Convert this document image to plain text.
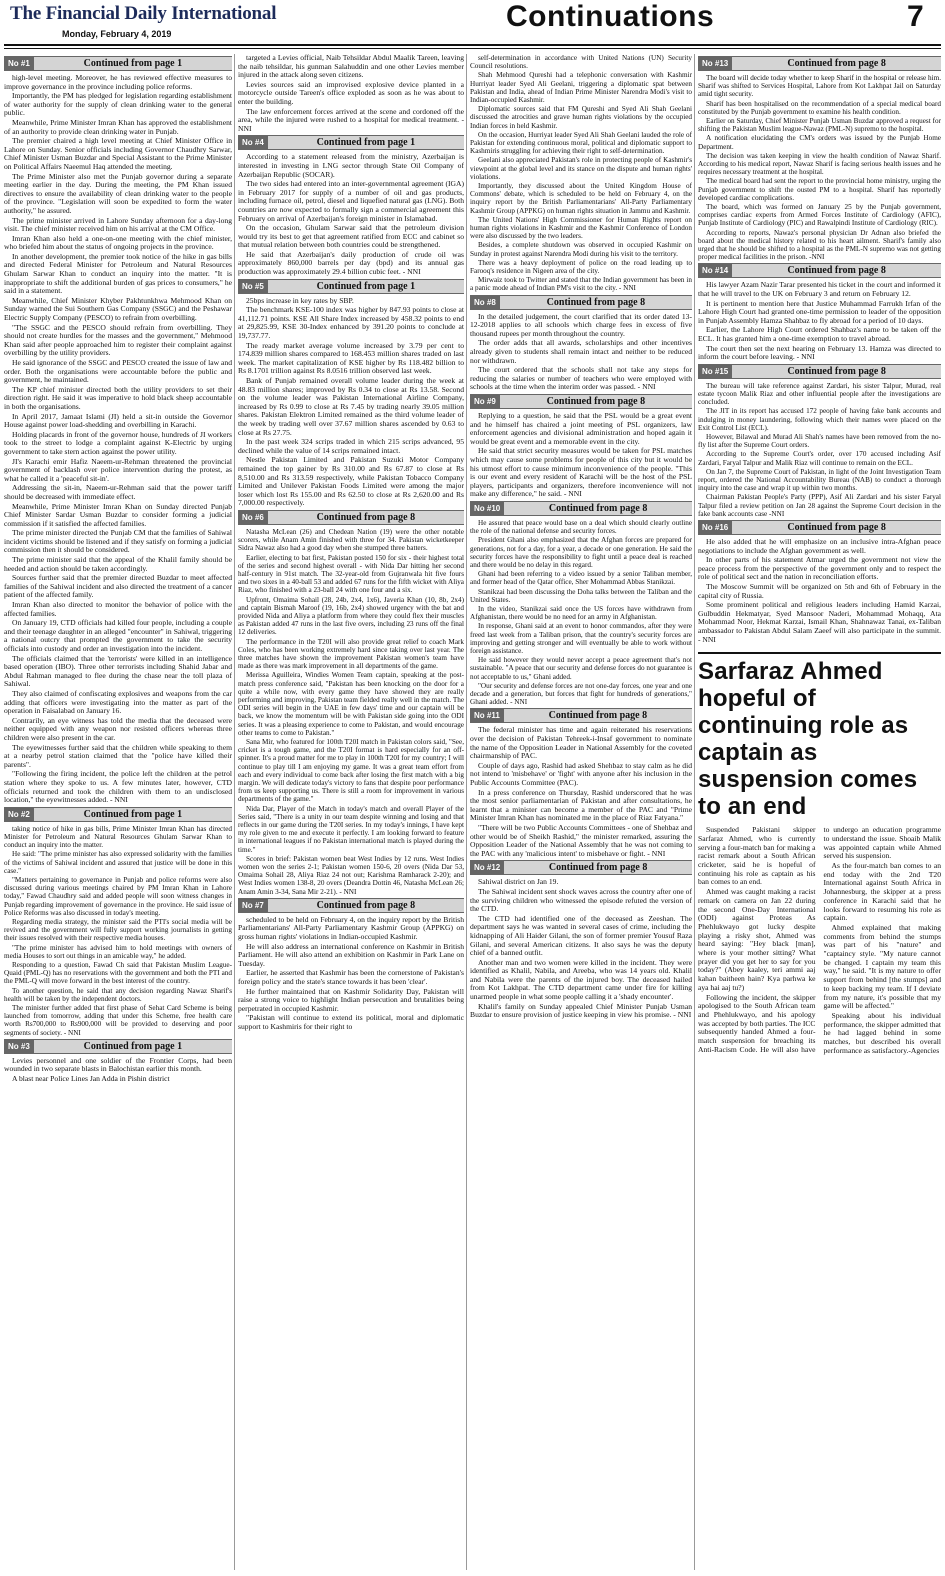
The Financial Daily International
Monday, February 4, 2019
Continuations	7
No #1	Continued from page 1

high-level meeting. Moreover, he has reviewed effective measures to improve governance in the province including police reforms.

Importantly, the PM has pledged for legislation regarding establishment of water authority for the supply of clean drinking water to the general public.

Meanwhile, Prime Minister Imran Khan has approved the establishment of an authority to provide clean drinking water in Punjab.

The premier chaired a high level meeting at Chief Minister Office in Lahore on Sunday. Senior officials including Governor Chaudhry Sarwar, Chief Minister Usman Buzdar and Special Assistant to the Prime Minister on Political Affairs Naeemul Haq attended the meeting.

The Prime Minister also met the Punjab governor during a separate meeting earlier in the day. During the meeting, the PM Khan issued directives to ensure the availability of clean drinking water to the people of the province. "Legislation will soon be expedited to form the water authority," he assured.

The prime minister arrived in Lahore Sunday afternoon for a day-long visit. The chief minister received him on his arrival at the CM Office.

Imran Khan also held a one-on-one meeting with the chief minister, who briefed him about the status of ongoing projects in the province.

In another development, the premier took notice of the hike in gas bills and directed Federal Minister for Petroleum and Natural Resources Ghulam Sarwar Khan to conduct an inquiry into the matter. "It is inappropriate to shift the additional burden of gas prices to consumers," he said in a statement.

Meanwhile, Chief Minister Khyber Pakhtunkhwa Mehmood Khan on Sunday warned the Sui Southern Gas Company (SSGC) and the Peshawar Electric Supply Company (PESCO) to refrain from overbilling.

"The SSGC and the PESCO should refrain from overbilling. They should not create hurdles for the masses and the government," Mehmood Khan said after people approached him to register their complaint against overbilling by the utility providers.

He said ignorance of the SSGC and PESCO created the issue of law and order. Both the organisations were accountable before the public and government, he maintained.

The KP chief minister directed both the utility providers to set their direction right. He said it was imperative to hold black sheep accountable in both the organisations.

In April 2017, Jamaat Islami (JI) held a sit-in outside the Governor House against power load-shedding and overbilling in Karachi.

Holding placards in front of the governor house, hundreds of JI workers took to the street to lodge a complaint against K-Electric by urging government to take stern action against the power utility.

JI's Karachi emir Hafiz Naeem-ur-Rehman threatened the provincial government of backlash over police intervention during the protest, as what he called it a 'peaceful sit-in'.

Addressing the sit-in, Naeem-ur-Rehman said that the power tariff should be decreased with immediate effect.

Meanwhile, Prime Minister Imran Khan on Sunday directed Punjab Chief Minister Sardar Usman Buzdar to consider forming a judicial commission if it satisfied the affected families.

The prime minister directed the Punjab CM that the families of Sahiwal incident victims should be listened and if they satisfy on forming a judicial commission then it should be considered.

The prime minister said that the appeal of the Khalil family should be heeded and action should be taken accordingly.

Sources further said that the premier directed Buzdar to meet affected families of the Sahiwal incident and also directed the treatment of a cancer patient of the affected family.

Imran Khan also directed to monitor the behavior of police with the affected families.

On January 19, CTD officials had killed four people, including a couple and their teenage daughter in an alleged "encounter" in Sahiwal, triggering a national outcry that prompted the government to take the security officials into custody and order an investigation into the incident.

The officials claimed that the 'terrorists' were killed in an intelligence based operation (IBO). Three other terrorists including Shahid Jabar and Abdul Rahman managed to flee during the chase near the toll plaza of Sahiwal.

They also claimed of confiscating explosives and weapons from the car adding that officers were investigating into the matter as part of the operation in Faisalabad on January 16.

Contrarily, an eye witness has told the media that the deceased were neither equipped with any weapon nor resisted officers whereas three children were also present in the car.

The eyewitnesses further said that the children while speaking to them at a nearby petrol station claimed that the "police have killed their parents".

"Following the firing incident, the police left the children at the petrol station where they spoke to us. A few minutes later, however, CTD officials returned and took the children with them to an undisclosed location," the eyewitnesses added. - NNI

No #2	Continued from page 1

taking notice of hike in gas bills, Prime Minister Imran Khan has directed Minister for Petroleum and Natural Resources Ghulam Sarwar Khan to conduct an inquiry into the matter.

He said: "The prime minister has also expressed solidarity with the families of the victims of Sahiwal incident and assured that justice will be done in this case."

"Matters pertaining to governance in Punjab and police reforms were also discussed during various meetings chaired by PM Imran Khan in Lahore today," Fawad Chaudhry said and added people will soon witness changes in Punjab regarding improvement of governance in the province. He said issue of Police Reforms was also discussed in today's meeting.

Regarding media strategy, the minister said the PTI's social media will be revived and the government will fully support working journalists in getting their issues resolved with their respective media houses.

"The prime minister has advised him to hold meetings with owners of media Houses to sort out things in an amicable way," he added.

Responding to a question, Fawad Ch said that Pakistan Muslim League-Quaid (PML-Q) has no reservations with the government and both the PTI and the PML-Q will move forward in the best interest of the country.

To another question, he said that any decision regarding Nawaz Sharif's health will be taken by the independent doctors.

The minister further added that first phase of Sehat Card Scheme is being launched from tomorrow, adding that under this Scheme, free health care worth Rs700,000 to Rs900,000 will be provided to deserving and poor segments of society. - NNI

No #3	Continued from page 1

Levies personnel and one soldier of the Frontier Corps, had been wounded in two separate blasts in Balochistan earlier this month.

A blast near Police Lines Jan Adda in Pishin district

targeted a Levies official, Naib Tehsildar Abdul Maalik Tareen, leaving the naib tehsildar, his gunman Salahuddin and one other Levies member injured in the attack along seven citizens.

Levies sources said an improvised explosive device planted in a motorcycle outside Tareen's office exploded as soon as he was about to enter the building.

The law enforcement forces arrived at the scene and cordoned off the area, while the injured were rushed to a hospital for medical treatment. - NNI

No #4	Continued from page 1

According to a statement released from the ministry, Azerbaijan is interested in investing in LNG sector through State Oil Company of Azerbaijan Republic (SOCAR).

The two sides had entered into an inter-governmental agreement (IGA) in February 2017 for supply of a number of oil and gas products, including furnace oil, petrol, diesel and liquefied natural gas (LNG). Both countries are now expected to formally sign a commercial agreement this February on arrival of Azerbaijan's foreign minister in Islamabad.

On the occasion, Ghulam Sarwar said that the petroleum division would try its best to get that agreement ratified from ECC and cabinet so that mutual relation between both countries could be strengthened.

He said that Azerbaijan's daily production of crude oil was approximately 860,000 barrels per day (bpd) and its annual gas production was approximately 29.4 billion cubic feet. - NNI

No #5	Continued from page 1

25bps increase in key rates by SBP.

The benchmark KSE-100 index was higher by 847.93 points to close at 41,112.71 points. KSE All Share Index increased by 458.32 points to end at 29,825.99, KSE 30-Index enhanced by 391.20 points to conclude at 19,737.77.

The ready market average volume increased by 3.79 per cent to 174.839 million shares compared to 168.453 million shares traded on last week. The market capitalization of KSE higher by Rs 118.482 billion to Rs 8.1701 trillion against Rs 8.0516 trillion observed last week.

Bank of Punjab remained overall volume leader during the week at 48.83 million shares; improved by Rs 0.34 to close at Rs 13.58. Second on the volume leader was Pakistan International Airline Company, increased by Rs 0.99 to close at Rs 7.45 by trading nearly 39.05 million shares. Pakistan Elektron Limited remained as the third volume leader of the week by trading well over 37.67 million shares ascended by 0.63 to close at Rs 27.75.

In the past week 324 scrips traded in which 215 scrips advanced, 95 declined while the value of 14 scrips remained intact.

Nestle Pakistan Limited and Pakistan Suzuki Motor Company remained the top gainer by Rs 310.00 and Rs 67.87 to close at Rs 8,510.00 and Rs 313.59 respectively, while Pakistan Tobacco Company Limited and Unilever Pakistan Foods Limited were among the major loser which lost Rs 155.00 and Rs 62.50 to close at Rs 2,620.00 and Rs 7,000.00 respectively.

No #6	Continued from page 8

Natasha McLean (26) and Chedean Nation (19) were the other notable scorers, while Anam Amin finished with three for 34. Pakistan wicketkeeper Sidra Nawaz also had a good day when she stumped three batters.

Earlier, electing to bat first, Pakistan posted 150 for six - their highest total of the series and second highest overall - with Nida Dar hitting her second half-century in 91st match. The 32-year-old from Gujranwala hit five fours and two sixes in a 40-ball 53 and added 67 runs for the fifth wicket with Aliya Riaz, who finished with a 23-ball 24 with one four and a six.

Upfront, Omaima Sohail (28, 24b, 2x4, 1x6), Javeria Khan (10, 8b, 2x4) and captain Bismah Maroof (19, 16b, 2x4) showed urgency with the bat and provided Nida and Aliya a platform from where they could flex their muscles as Pakistan added 47 runs in the last five overs, including 23 runs off the final 12 deliveries.

The performance in the T20I will also provide great relief to coach Mark Coles, who has been working extremely hard since taking over last year. The three matches have shown the improvement Pakistan women's team have made as there was mark improvement in all departments of the game.

Merissa Aguilleira, Windies Women Team captain, speaking at the post-match press conference said, "Pakistan has been knocking on the door for a quite a while now, with every game they have showed they are really performing and improving, Pakistan team fielded really well in the match. The ODI series will begin in the UAE in few days' time and our captain will be back, we know the momentum will be with Pakistan side going into the ODI series. It was a pleasing experience to come to Pakistan, and would encourage other teams to come to Pakistan."

Sana Mir, who featured for 100th T20I match in Pakistan colors said, "See, cricket is a tough game, and the T20I format is hard especially for an off-spinner. It's a proud matter for me to play in 100th T20I for my country; I will continue to play till I am enjoying my game. It was a great team effort from each and every individual to come back after losing the first match with a big margin. We will dedicate today's victory to fans that despite poor performance from us keep supporting us. There is still a room for improvement in various departments of the game."

Nida Dar, Player of the Match in today's match and overall Player of the Series said, "There is a unity in our team despite winning and losing and that reflects in our game during the T20I series. In my today's innings, I have kept my role given to me and execute it perfectly. I am looking forward to feature in international leagues if no Pakistan international match is played during the time."

Scores in brief: Pakistan women beat West Indies by 12 runs. West Indies women won the series 2-1; Pakistan women 150-6, 20 overs (Nida Dar 53, Omaima Sohail 28, Aliya Riaz 24 not out; Karishma Ramharack 2-20); and West Indies women 138-8, 20 overs (Deandra Dottin 46, Natasha McLean 26; Anam Amin 3-34, Sana Mir 2-21). - NNI

No #7	Continued from page 8

scheduled to be held on February 4, on the inquiry report by the British Parliamentarians' All-Party Parliamentary Kashmir Group (APPKG) on gross human rights' violations in Indian-occupied Kashmir.

He will also address an international conference on Kashmir in British Parliament. He will also attend an exhibition on Kashmir in Park Lane on Tuesday.

Earlier, he asserted that Kashmir has been the cornerstone of Pakistan's foreign policy and the state's stance towards it has been 'clear'.

He further maintained that on Kashmir Solidarity Day, Pakistan will raise a strong voice to highlight Indian persecution and brutalities being perpetrated in occupied Kashmir.

"Pakistan will continue to extend its political, moral and diplomatic support to Kashmiris for their right to

self-determination in accordance with United Nations (UN) Security Council resolutions.

Shah Mehmood Qureshi had a telephonic conversation with Kashmir Hurriyat leader Syed Ali Geelani, triggering a diplomatic spat between Pakistan and India, ahead of Indian Prime Minister Narendra Modi's visit to Indian-occupied Kashmir.

Diplomatic sources said that FM Qureshi and Syed Ali Shah Geelani discussed the atrocities and grave human rights violations by the occupied Indian forces in held Kashmir.

On the occasion, Hurriyat leader Syed Ali Shah Geelani lauded the role of Pakistan for extending continuous moral, political and diplomatic support to Kashmiris struggling for achieving their right to self-determination.

Geelani also appreciated Pakistan's role in protecting people of Kashmir's viewpoint at the global level and its stance on the dispute and human rights' violations.

Importantly, they discussed about the United Kingdom House of Commons' debate, which is scheduled to be held on February 4, on the inquiry report by the British Parliamentarians' All-Party Parliamentary Kashmir Group (APPKG) on human rights situation in Jammu and Kashmir.

The United Nations' High Commissioner for Human Rights report on human rights violations in Kashmir and the Kashmir Conference of London were also discussed by the two leaders.

Besides, a complete shutdown was observed in occupied Kashmir on Sunday in protest against Narendra Modi during his visit to the territory.

There was a heavy deployment of police on the road leading up to Farooq's residence in Nigeen area of the city.

Mirwaiz took to Twitter and stated that the Indian government has been in a panic mode ahead of Indian PM's visit to the city. - NNI

No #8	Continued from page 8

In the detailed judgement, the court clarified that its order dated 13-12-2018 applies to all schools which charge fees in excess of five thousand rupees per month throughout the country.

The order adds that all awards, scholarships and other incentives already given to students shall remain intact and neither to be reduced nor withdrawn.

The court ordered that the schools shall not take any steps for reducing the salaries or number of teachers who were employed with schools at the time when the interim order was passed. - NNI

No #9	Continued from page 8

Replying to a question, he said that the PSL would be a great event and he himself has chaired a joint meeting of PSL organizers, law enforcement agencies and divisional administration and hoped again it would be great event and a memorable event in the city.

He said that strict security measures would be taken for PSL matches which may cause some problems for people of this city but it would be his utmost effort to cause minimum inconvenience of the people. "This is our event and every resident of Karachi will be the host of the PSL players, participants and organizers, therefore inconvenience will not make any difference," he said. - NNI

No #10	Continued from page 8

He assured that peace would base on a deal which should clearly outline the role of the national defense and security forces.

President Ghani also emphasized that the Afghan forces are prepared for generations, not for a day, for a year, a decade or one generation. He said the security forces have the responsibility to fight until a peace deal is reached and there would be no delay in this regard.

Ghani had been referring to a video issued by a senior Taliban member, and former head of the Qatar office, Sher Mohammad Abbas Stanikzai.

Stanikzai had been discussing the Doha talks between the Taliban and the United States.

In the video, Stanikzai said once the US forces have withdrawn from Afghanistan, there would be no need for an army in Afghanistan.

In response, Ghani said at an event to honor commandos, after they were freed last week from a Taliban prison, that the country's security forces are improving and getting stronger and will eventually be able to work without foreign assistance.

He said however they would never accept a peace agreement that's not sustainable. "A peace that our security and defense forces do not guarantee is not acceptable to us," Ghani added.

"Our security and defense forces are not one-day forces, one year and one decade and a generation, but forces that fight for hundreds of generations," Ghani added. - NNI

No #11	Continued from page 8

The federal minister has time and again reiterated his reservations over the decision of Pakistan Tehreek-i-Insaf government to nominate the name of the Opposition Leader in National Assembly for the coveted chairmanship of PAC.

Couple of days ago, Rashid had asked Shehbaz to stay calm as he did not intend to 'misbehave' or 'fight' with anyone after his inclusion in the Public Accounts Committee (PAC).

In a press conference on Thursday, Rashid underscored that he was the most senior parliamentarian of Pakistan and after consultations, he learnt that a minister can become a member of the PAC and "Prime Minister Imran Khan has nominated me in the place of Riaz Fatyana."

"There will be two Public Accounts Committees - one of Shehbaz and other would be of Sheikh Rashid," the minister remarked, assuring the Opposition Leader of the National Assembly that he was not coming to the PAC with any 'malicious intent' to misbehave or fight. - NNI

No #12	Continued from page 8

Sahiwal district on Jan 19.

The Sahiwal incident sent shock waves across the country after one of the surviving children who witnessed the episode refuted the version of the CTD.

The CTD had identified one of the deceased as Zeeshan. The department says he was wanted in several cases of crime, including the kidnapping of Ali Haider Gilani, the son of former premier Yousuf Raza Gilani, and several American citizens. It also says he was the deputy chief of a banned outfit.

Another man and two women were killed in the incident. They were identified as Khalil, Nabila, and Areeba, who was 14 years old. Khalil and Nabila were the parents of the injured boy. The deceased hailed from Kot Lakhpat. The CTD department came under fire for killing unarmed people in what some people calling it a 'shady encounter'.

Khalil's family on Sunday appealed Chief Minister Punjab Usman Buzdar to ensure provision of justice keeping in view his promise. - NNI

No #13	Continued from page 8

The board will decide today whether to keep Sharif in the hospital or release him. Sharif was shifted to Services Hospital, Lahore from Kot Lakhpat Jail on Saturday amid tight security.

Sharif has been hospitalised on the recommendation of a special medical board constituted by the Punjab government to examine his health condition.

Earlier on Saturday, Chief Minister Punjab Usman Buzdar approved a request for shifting the Pakistan Muslim league-Nawaz (PML-N) supremo to the hospital.

A notification elucidating the CM's orders was issued by the Punjab Home Department.

The decision was taken keeping in view the health condition of Nawaz Sharif. According to his medical report, Nawaz Sharif is facing serious health issues and he requires necessary treatment at the hospital.

The medical board had sent the report to the provincial home ministry, urging the Punjab government to shift the ousted PM to a hospital. Sharif has reportedly developed cardiac complications.

The board, which was formed on January 25 by the Punjab government, comprises cardiac experts from Armed Forces Institute of Cardiology (AFIC), Punjab Institute of Cardiology (PIC) and Rawalpindi Institute of Cardiology (RIC).

According to reports, Nawaz's personal physician Dr Adnan also briefed the board about the medical history related to his heart ailment. Sharif's family also urged that he should be shifted to a hospital as the PML-N supremo was not getting proper medical facilities in the prison. -NNI

No #14	Continued from page 8

His lawyer Azam Nazir Tarar presented his ticket in the court and informed it that he will travel to the UK on February 3 and return on February 12.

It is pertinent to mention here that Justice Muhammad Farrukh Irfan of the Lahore High Court had granted one-time permission to leader of the opposition in Punjab Assembly Hamza Shahbaz to fly abroad for a period of 10 days.

Earlier, the Lahore High Court ordered Shahbaz's name to be taken off the ECL. It has granted him a one-time exemption to travel abroad.

The court then set the next hearing on February 13. Hamza was directed to inform the court before leaving. - NNI

No #15	Continued from page 8

The bureau will take reference against Zardari, his sister Talpur, Murad, real estate tycoon Malik Riaz and other influential people after the investigations are concluded.

The JIT in its report has accused 172 people of having fake bank accounts and indulging in money laundering, following which their names were placed on the Exit Control List (ECL).

However, Bilawal and Murad Ali Shah's names have been removed from the no-fly list after the Supreme Court orders.

According to the Supreme Court's order, over 170 accused including Asif Zardari, Faryal Talpur and Malik Riaz will continue to remain on the ECL.

On Jan 7, the Supreme Court of Pakistan, in light of the Joint Investigation Team report, ordered the National Accountability Bureau (NAB) to conduct a thorough inquiry into the case and wrap it up within two months.

Chairman Pakistan People's Party (PPP), Asif Ali Zardari and his sister Faryal Talpur filed a review petition on Jan 28 against the Supreme Court decision in the fake bank accounts case -NNI

No #16	Continued from page 8

He also added that he will emphasize on an inclusive intra-Afghan peace negotiations to include the Afghan government as well.

In other parts of his statement Atmar urged the government not view the peace process from the perspective of the government only and to respect the role of political sect and the nation in reconciliation efforts.

The Moscow Summit will be organized on 5th and 6th of February in the capital city of Russia.

Some prominent political and religious leaders including Hamid Karzai, Gulbuddin Hekmatyar, Syed Mansoor Naderi, Mohammad Mohaqq, Ata Mohammad Noor, Hekmat Karzai, Ismail Khan, Shahnawaz Tanai, ex-Taliban ambassador to Pakistan Abdul Salam Zaeef will also participate in the summit. - NNI

Sarfaraz Ahmed hopeful of continuing role as captain as suspension comes to an end

Suspended Pakistani skipper Sarfaraz Ahmed, who is currently serving a four-match ban for making a racist remark about a South African cricketer, said he is hopeful of continuing his role as captain as his ban comes to an end.

Ahmed was caught making a racist remark on camera on Jan 22 during the second One-Day International (ODI) against Proteas As Phehlukwayo got lucky despite playing a risky shot, Ahmed was heard saying: "Hey black [man], where is your mother sitting? What prayer did you get her to say for you today?" (Abey kaaley, teri ammi aaj kahan baitheen hain? Kya parhwa ke aya hai aaj tu?)

Following the incident, the skipper apologised to the South African team and Phehlukwayo, and his apology was accepted by both parties. The ICC subsequently handed Ahmed a four-match suspension for breaching its Anti-Racism Code. He will also have to undergo an education programme to understand the issue. Shoaib Malik was appointed captain while Ahmed served his suspension.

As the four-match ban comes to an end today with the 2nd T20 International against South Africa in Johannesburg, the skipper at a press conference in Karachi said that he looks forward to resuming his role as captain.

Ahmed explained that making comments from behind the stumps was part of his "nature" and "captaincy style. "My nature cannot be changed. I captain my team this way," he said. "It is my nature to offer support from behind [the stumps] and to keep backing my team. If I deviate from my nature, it's possible that my game will be affected."

Speaking about his individual performance, the skipper admitted that he had lagged behind in some matches, but described his overall performance as satisfactory.-Agencies
